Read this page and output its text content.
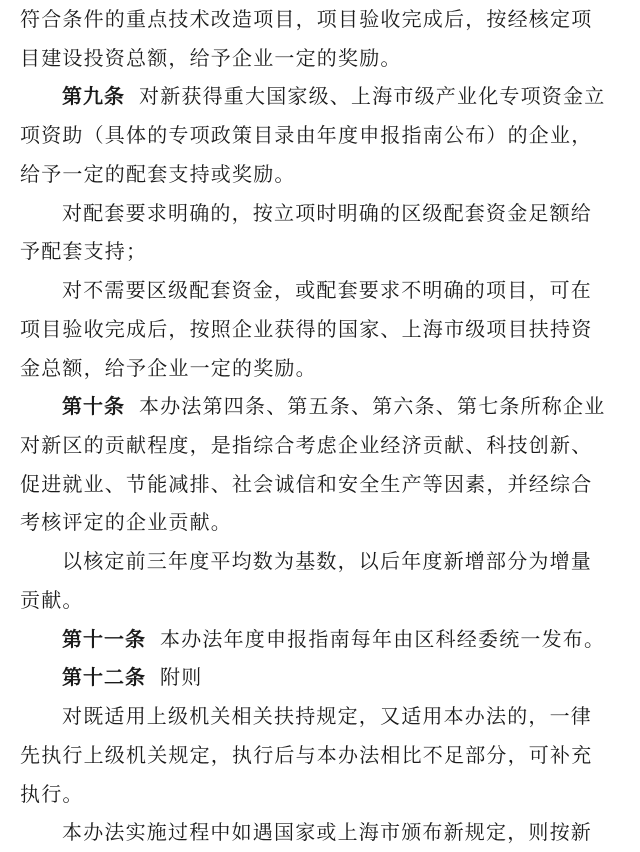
符合条件的重点技术改造项目，项目验收完成后，按经核定项
目建设投资总额，给予企业一定的奖励。
第九条 对新获得重大国家级、上海市级产业化专项资金立
项资助（具体的专项政策目录由年度申报指南公布）的企业，
给予一定的配套支持或奖励。
对配套要求明确的，按立项时明确的区级配套资金足额给
予配套支持；
对不需要区级配套资金，或配套要求不明确的项目，可在
项目验收完成后，按照企业获得的国家、上海市级项目扶持资
金总额，给予企业一定的奖励。
第十条 本办法第四条、第五条、第六条、第七条所称企业
对新区的贡献程度，是指综合考虑企业经济贡献、科技创新、
促进就业、节能减排、社会诚信和安全生产等因素，并经综合
考核评定的企业贡献。
以核定前三年度平均数为基数，以后年度新增部分为增量
贡献。
第十一条 本办法年度申报指南每年由区科经委统一发布。
第十二条 附则
对既适用上级机关相关扶持规定，又适用本办法的，一律
先执行上级机关规定，执行后与本办法相比不足部分，可补充
执行。
本办法实施过程中如遇国家或上海市颁布新规定，则按新
